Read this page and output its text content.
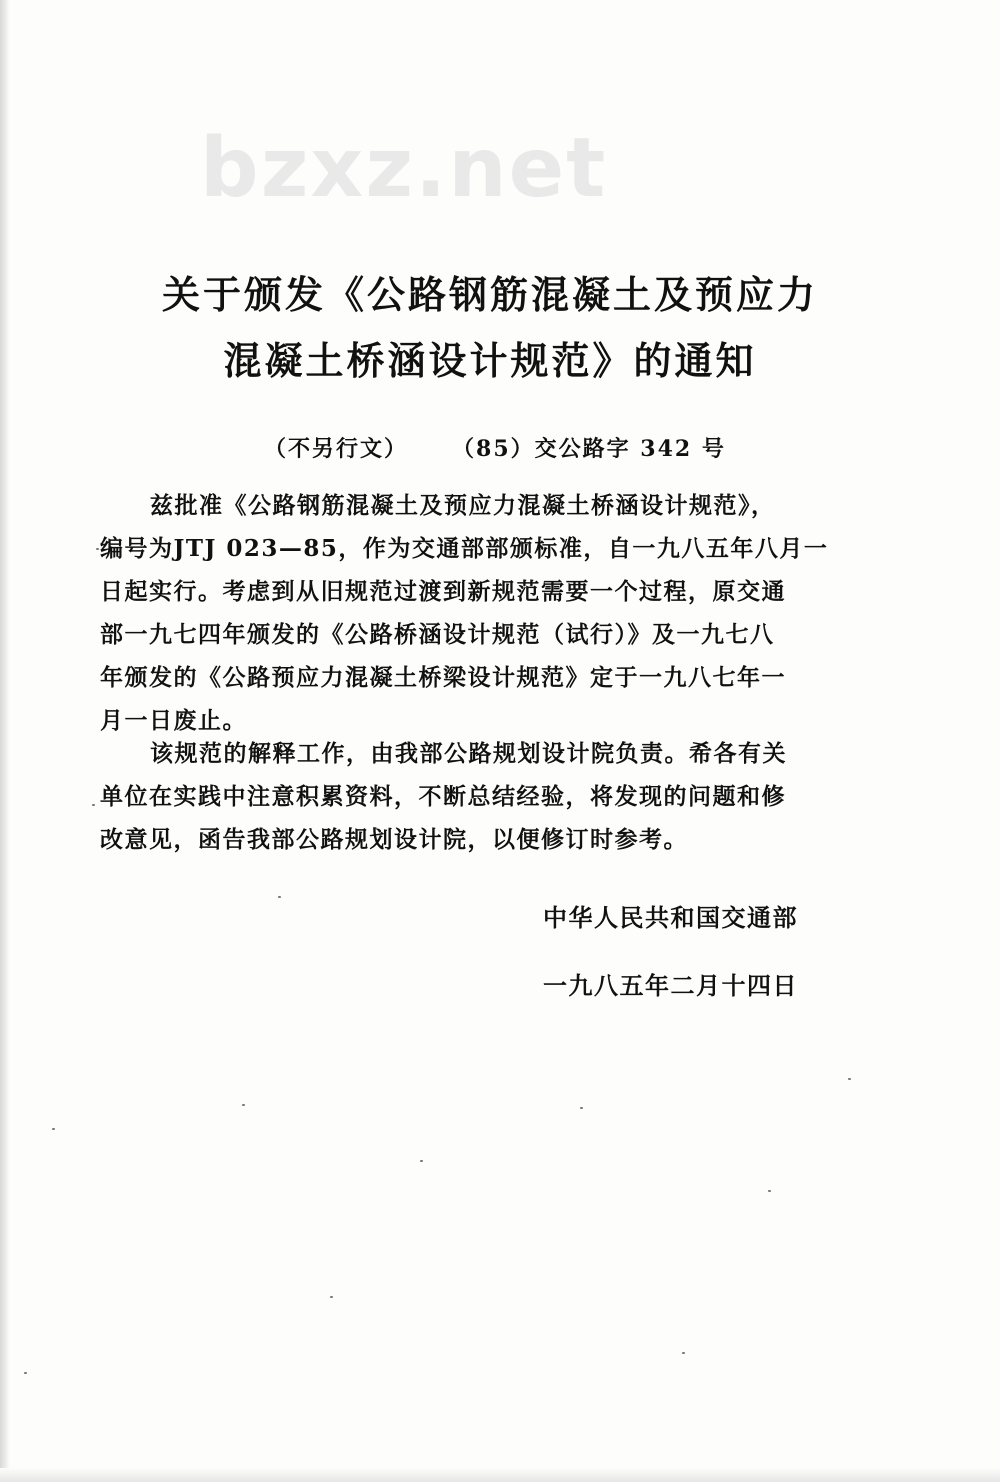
bzxz.net
关于颁发《公路钢筋混凝土及预应力
混凝土桥涵设计规范》的通知
（不另行文） （85）交公路字 342 号
兹批准《公路钢筋混凝土及预应力混凝土桥涵设计规范》，
编号为JTJ 023—85，作为交通部部颁标准，自一九八五年八月一
日起实行。考虑到从旧规范过渡到新规范需要一个过程，原交通
部一九七四年颁发的《公路桥涵设计规范（试行）》及一九七八
年颁发的《公路预应力混凝土桥梁设计规范》定于一九八七年一
月一日废止。
该规范的解释工作，由我部公路规划设计院负责。希各有关
单位在实践中注意积累资料，不断总结经验，将发现的问题和修
改意见，函告我部公路规划设计院，以便修订时参考。
中华人民共和国交通部
一九八五年二月十四日
